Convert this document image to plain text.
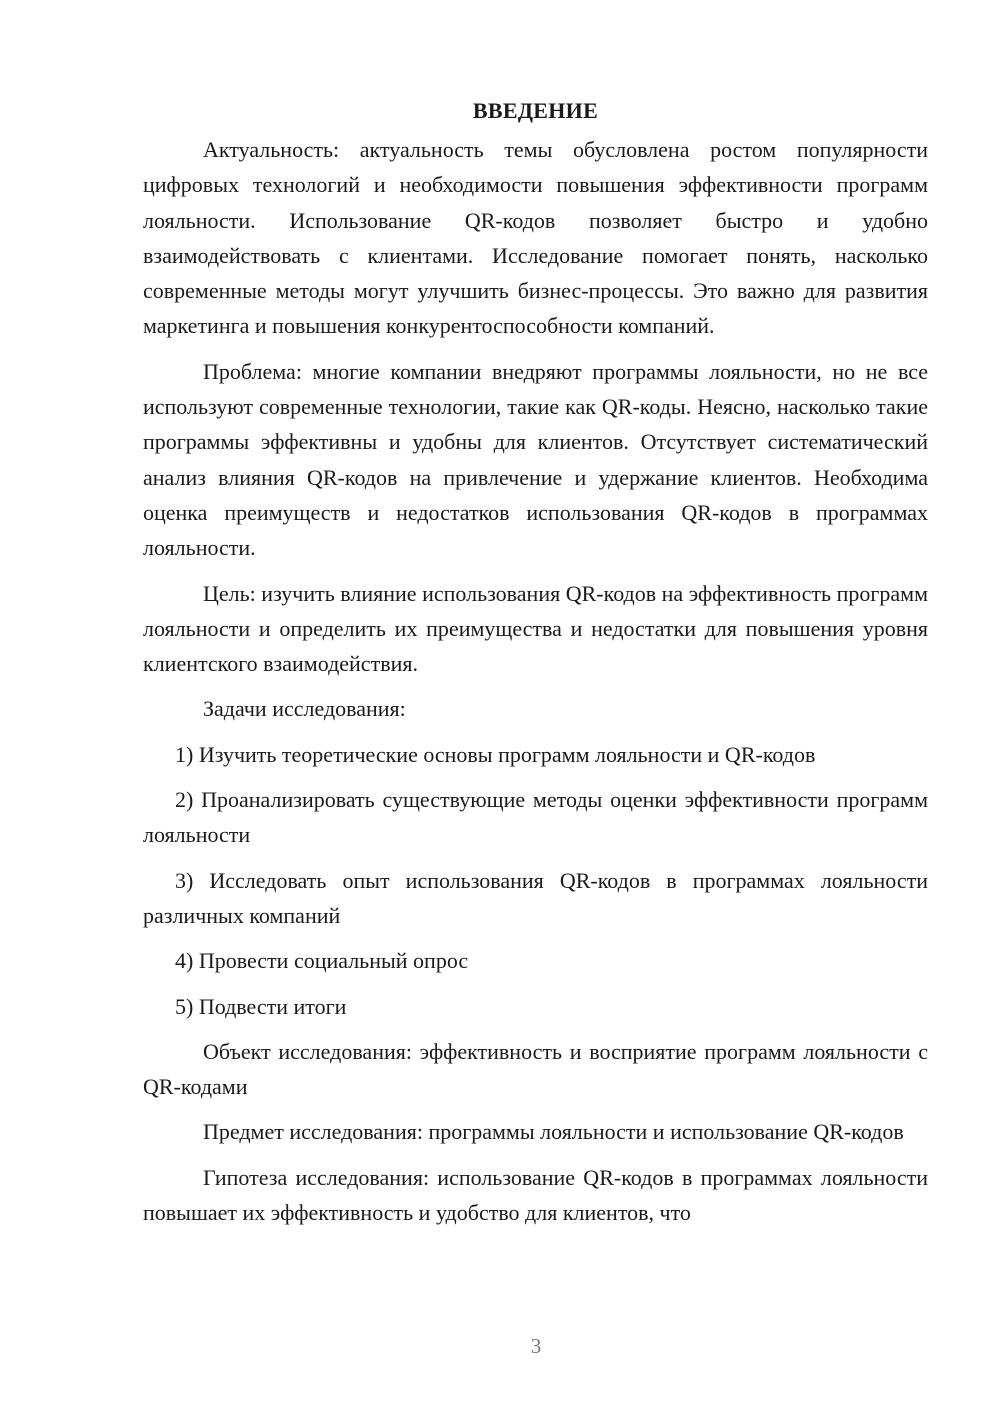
ВВЕДЕНИЕ

Актуальность: актуальность темы обусловлена ростом популярности цифровых технологий и необходимости повышения эффективности программ лояльности. Использование QR-кодов позволяет быстро и удобно взаимодействовать с клиентами. Исследование помогает понять, насколько современные методы могут улучшить бизнес-процессы. Это важно для развития маркетинга и повышения конкурентоспособности компаний.

Проблема: многие компании внедряют программы лояльности, но не все используют современные технологии, такие как QR-коды. Неясно, насколько такие программы эффективны и удобны для клиентов. Отсутствует систематический анализ влияния QR-кодов на привлечение и удержание клиентов. Необходима оценка преимуществ и недостатков использования QR-кодов в программах лояльности.

Цель: изучить влияние использования QR-кодов на эффективность программ лояльности и определить их преимущества и недостатки для повышения уровня клиентского взаимодействия.

Задачи исследования:

1) Изучить теоретические основы программ лояльности и QR-кодов

2) Проанализировать существующие методы оценки эффективности программ лояльности

3) Исследовать опыт использования QR-кодов в программах лояльности различных компаний

4) Провести социальный опрос

5) Подвести итоги

Объект исследования: эффективность и восприятие программ лояльности с QR-кодами

Предмет исследования: программы лояльности и использование QR-кодов

Гипотеза исследования: использование QR-кодов в программах лояльности повышает их эффективность и удобство для клиентов, что

3
